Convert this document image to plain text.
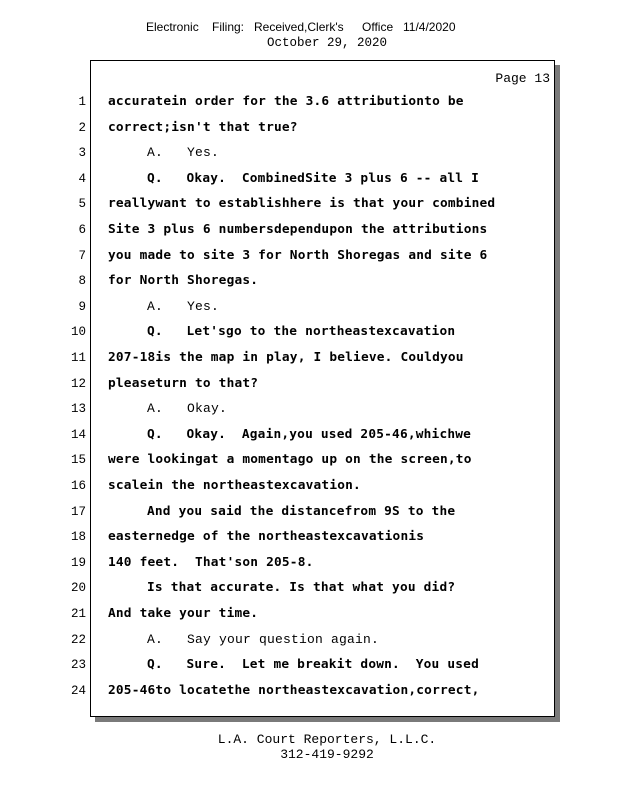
Electronic Filing: Received,Clerk's Office 11/4/2020
October 29, 2020
Page 13
1 accuratein order for the 3.6 attributionto be
2 correct;isn't that true?
3	A.   Yes.
4	Q.   Okay.  CombinedSite 3 plus 6 -- all I
5 reallywant to establishhere is that your combined
6 Site 3 plus 6 numbersdependupon the attributions
7 you made to site 3 for North Shoregas and site 6
8 for North Shoregas.
9	A.   Yes.
10	Q.   Let'sgo to the northeastexcavation
11 207-18is the map in play, I believe. Couldyou
12 pleaseturn to that?
13	A.   Okay.
14	Q.   Okay.  Again,you used 205-46,whichwe
15 were lookingat a momentago up on the screen,to
16 scalein the northeastexcavation.
17	And you said the distancefrom 9S to the
18 easternedge of the northeastexcavationis
19 140 feet.  That'son 205-8.
20	Is that accurate. Is that what you did?
21 And take your time.
22	A.   Say your question again.
23	Q.   Sure.  Let me breakit down.  You used
24 205-46to locatethe northeastexcavation,correct,
L.A. Court Reporters, L.L.C.
312-419-9292
